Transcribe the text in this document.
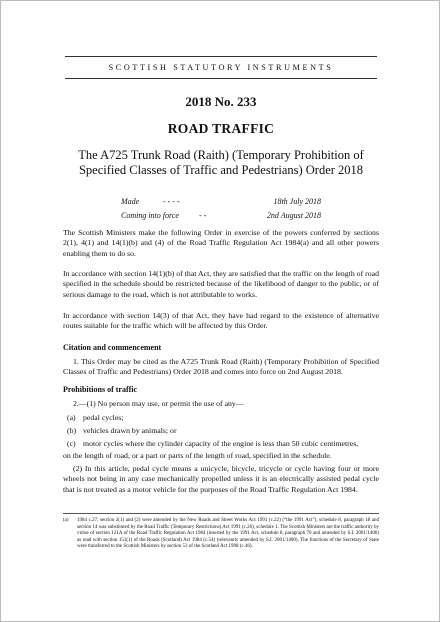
SCOTTISH STATUTORY INSTRUMENTS
2018 No. 233
ROAD TRAFFIC
The A725 Trunk Road (Raith) (Temporary Prohibition of Specified Classes of Traffic and Pedestrians) Order 2018
Made	- - - -	18th July 2018
Coming into force	- -	2nd August 2018
The Scottish Ministers make the following Order in exercise of the powers conferred by sections 2(1), 4(1) and 14(1)(b) and (4) of the Road Traffic Regulation Act 1984(a) and all other powers enabling them to do so.
In accordance with section 14(1)(b) of that Act, they are satisfied that the traffic on the length of road specified in the schedule should be restricted because of the likelihood of danger to the public, or of serious damage to the road, which is not attributable to works.
In accordance with section 14(3) of that Act, they have had regard to the existence of alternative routes suitable for the traffic which will be affected by this Order.
Citation and commencement
1. This Order may be cited as the A725 Trunk Road (Raith) (Temporary Prohibition of Specified Classes of Traffic and Pedestrians) Order 2018 and comes into force on 2nd August 2018.
Prohibitions of traffic
2.—(1) No person may use, or permit the use of any—
(a) pedal cycles;
(b) vehicles drawn by animals; or
(c) motor cycles where the cylinder capacity of the engine is less than 50 cubic centimetres,
on the length of road, or a part or parts of the length of road, specified in the schedule.
(2) In this article, pedal cycle means a unicycle, bicycle, tricycle or cycle having four or more wheels not being in any case mechanically propelled unless it is an electrically assisted pedal cycle that is not treated as a motor vehicle for the purposes of the Road Traffic Regulation Act 1984.
(a) 1984 c.27; section 2(1) and (2) were amended by the New Roads and Street Works Act 1991 (c.22) (“the 1991 Act”), schedule 8, paragraph 18 and section 14 was substituted by the Road Traffic (Temporary Restrictions) Act 1991 (c.26), schedule 1. The Scottish Ministers are the traffic authority by virtue of section 121A of the Road Traffic Regulation Act 1984 (inserted by the 1991 Act, schedule 8, paragraph 70 and amended by S.I. 2001/1400) as read with section 151(1) of the Roads (Scotland) Act 1984 (c.54) (relevantly amended by S.I. 2001/1400). The functions of the Secretary of State were transferred to the Scottish Ministers by section 53 of the Scotland Act 1998 (c.46).
